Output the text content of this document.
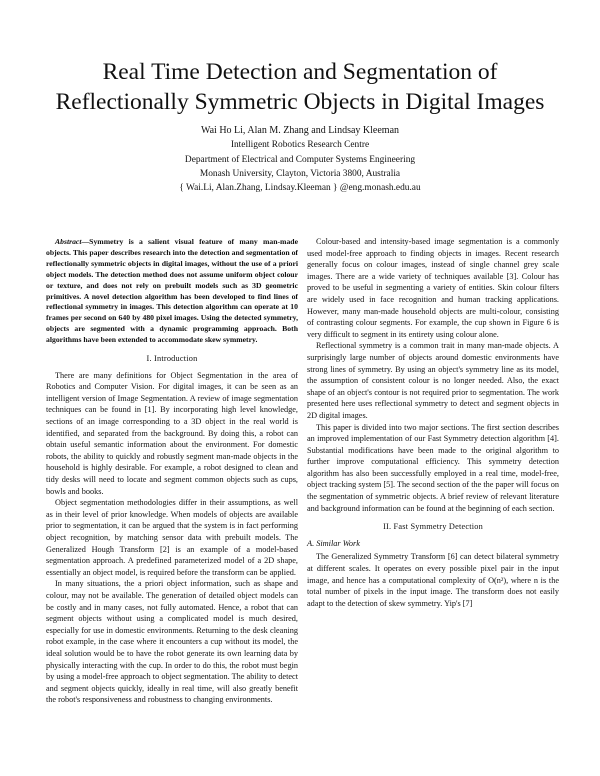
Real Time Detection and Segmentation of
Reflectionally Symmetric Objects in Digital Images
Wai Ho Li, Alan M. Zhang and Lindsay Kleeman
Intelligent Robotics Research Centre
Department of Electrical and Computer Systems Engineering
Monash University, Clayton, Victoria 3800, Australia
{ Wai.Li, Alan.Zhang, Lindsay.Kleeman } @eng.monash.edu.au

Abstract—Symmetry is a salient visual feature of many man-made objects. This paper describes research into the detection and segmentation of reflectionally symmetric objects in digital images, without the use of a priori object models. The detection method does not assume uniform object colour or texture, and does not rely on prebuilt models such as 3D geometric primitives. A novel detection algorithm has been developed to find lines of reflectional symmetry in images. This detection algorithm can operate at 10 frames per second on 640 by 480 pixel images. Using the detected symmetry, objects are segmented with a dynamic programming approach. Both algorithms have been extended to accommodate skew symmetry.

I. Introduction

There are many definitions for Object Segmentation in the area of Robotics and Computer Vision. For digital images, it can be seen as an intelligent version of Image Segmentation. A review of image segmentation techniques can be found in [1]. By incorporating high level knowledge, sections of an image corresponding to a 3D object in the real world is identified, and separated from the background. By doing this, a robot can obtain useful semantic information about the environment. For domestic robots, the ability to quickly and robustly segment man-made objects in the household is highly desirable. For example, a robot designed to clean and tidy desks will need to locate and segment common objects such as cups, bowls and books.

Object segmentation methodologies differ in their assumptions, as well as in their level of prior knowledge. When models of objects are available prior to segmentation, it can be argued that the system is in fact performing object recognition, by matching sensor data with prebuilt models. The Generalized Hough Transform [2] is an example of a model-based segmentation approach. A predefined parameterized model of a 2D shape, essentially an object model, is required before the transform can be applied.

In many situations, the a priori object information, such as shape and colour, may not be available. The generation of detailed object models can be costly and in many cases, not fully automated. Hence, a robot that can segment objects without using a complicated model is much desired, especially for use in domestic environments. Returning to the desk cleaning robot example, in the case where it encounters a cup without its model, the ideal solution would be to have the robot generate its own learning data by physically interacting with the cup. In order to do this, the robot must begin by using a model-free approach to object segmentation. The ability to detect and segment objects quickly, ideally in real time, will also greatly benefit the robot's responsiveness and robustness to changing environments.

Colour-based and intensity-based image segmentation is a commonly used model-free approach to finding objects in images. Recent research generally focus on colour images, instead of single channel grey scale images. There are a wide variety of techniques available [3]. Colour has proved to be useful in segmenting a variety of entities. Skin colour filters are widely used in face recognition and human tracking applications. However, many man-made household objects are multi-colour, consisting of contrasting colour segments. For example, the cup shown in Figure 6 is very difficult to segment in its entirety using colour alone.

Reflectional symmetry is a common trait in many man-made objects. A surprisingly large number of objects around domestic environments have strong lines of symmetry. By using an object's symmetry line as its model, the assumption of consistent colour is no longer needed. Also, the exact shape of an object's contour is not required prior to segmentation. The work presented here uses reflectional symmetry to detect and segment objects in 2D digital images.

This paper is divided into two major sections. The first section describes an improved implementation of our Fast Symmetry detection algorithm [4]. Substantial modifications have been made to the original algorithm to further improve computational efficiency. This symmetry detection algorithm has also been successfully employed in a real time, model-free, object tracking system [5]. The second section of the the paper will focus on the segmentation of symmetric objects. A brief review of relevant literature and background information can be found at the beginning of each section.

II. Fast Symmetry Detection
A. Similar Work

The Generalized Symmetry Transform [6] can detect bilateral symmetry at different scales. It operates on every possible pixel pair in the input image, and hence has a computational complexity of O(n²), where n is the total number of pixels in the input image. The transform does not easily adapt to the detection of skew symmetry. Yip's [7]
